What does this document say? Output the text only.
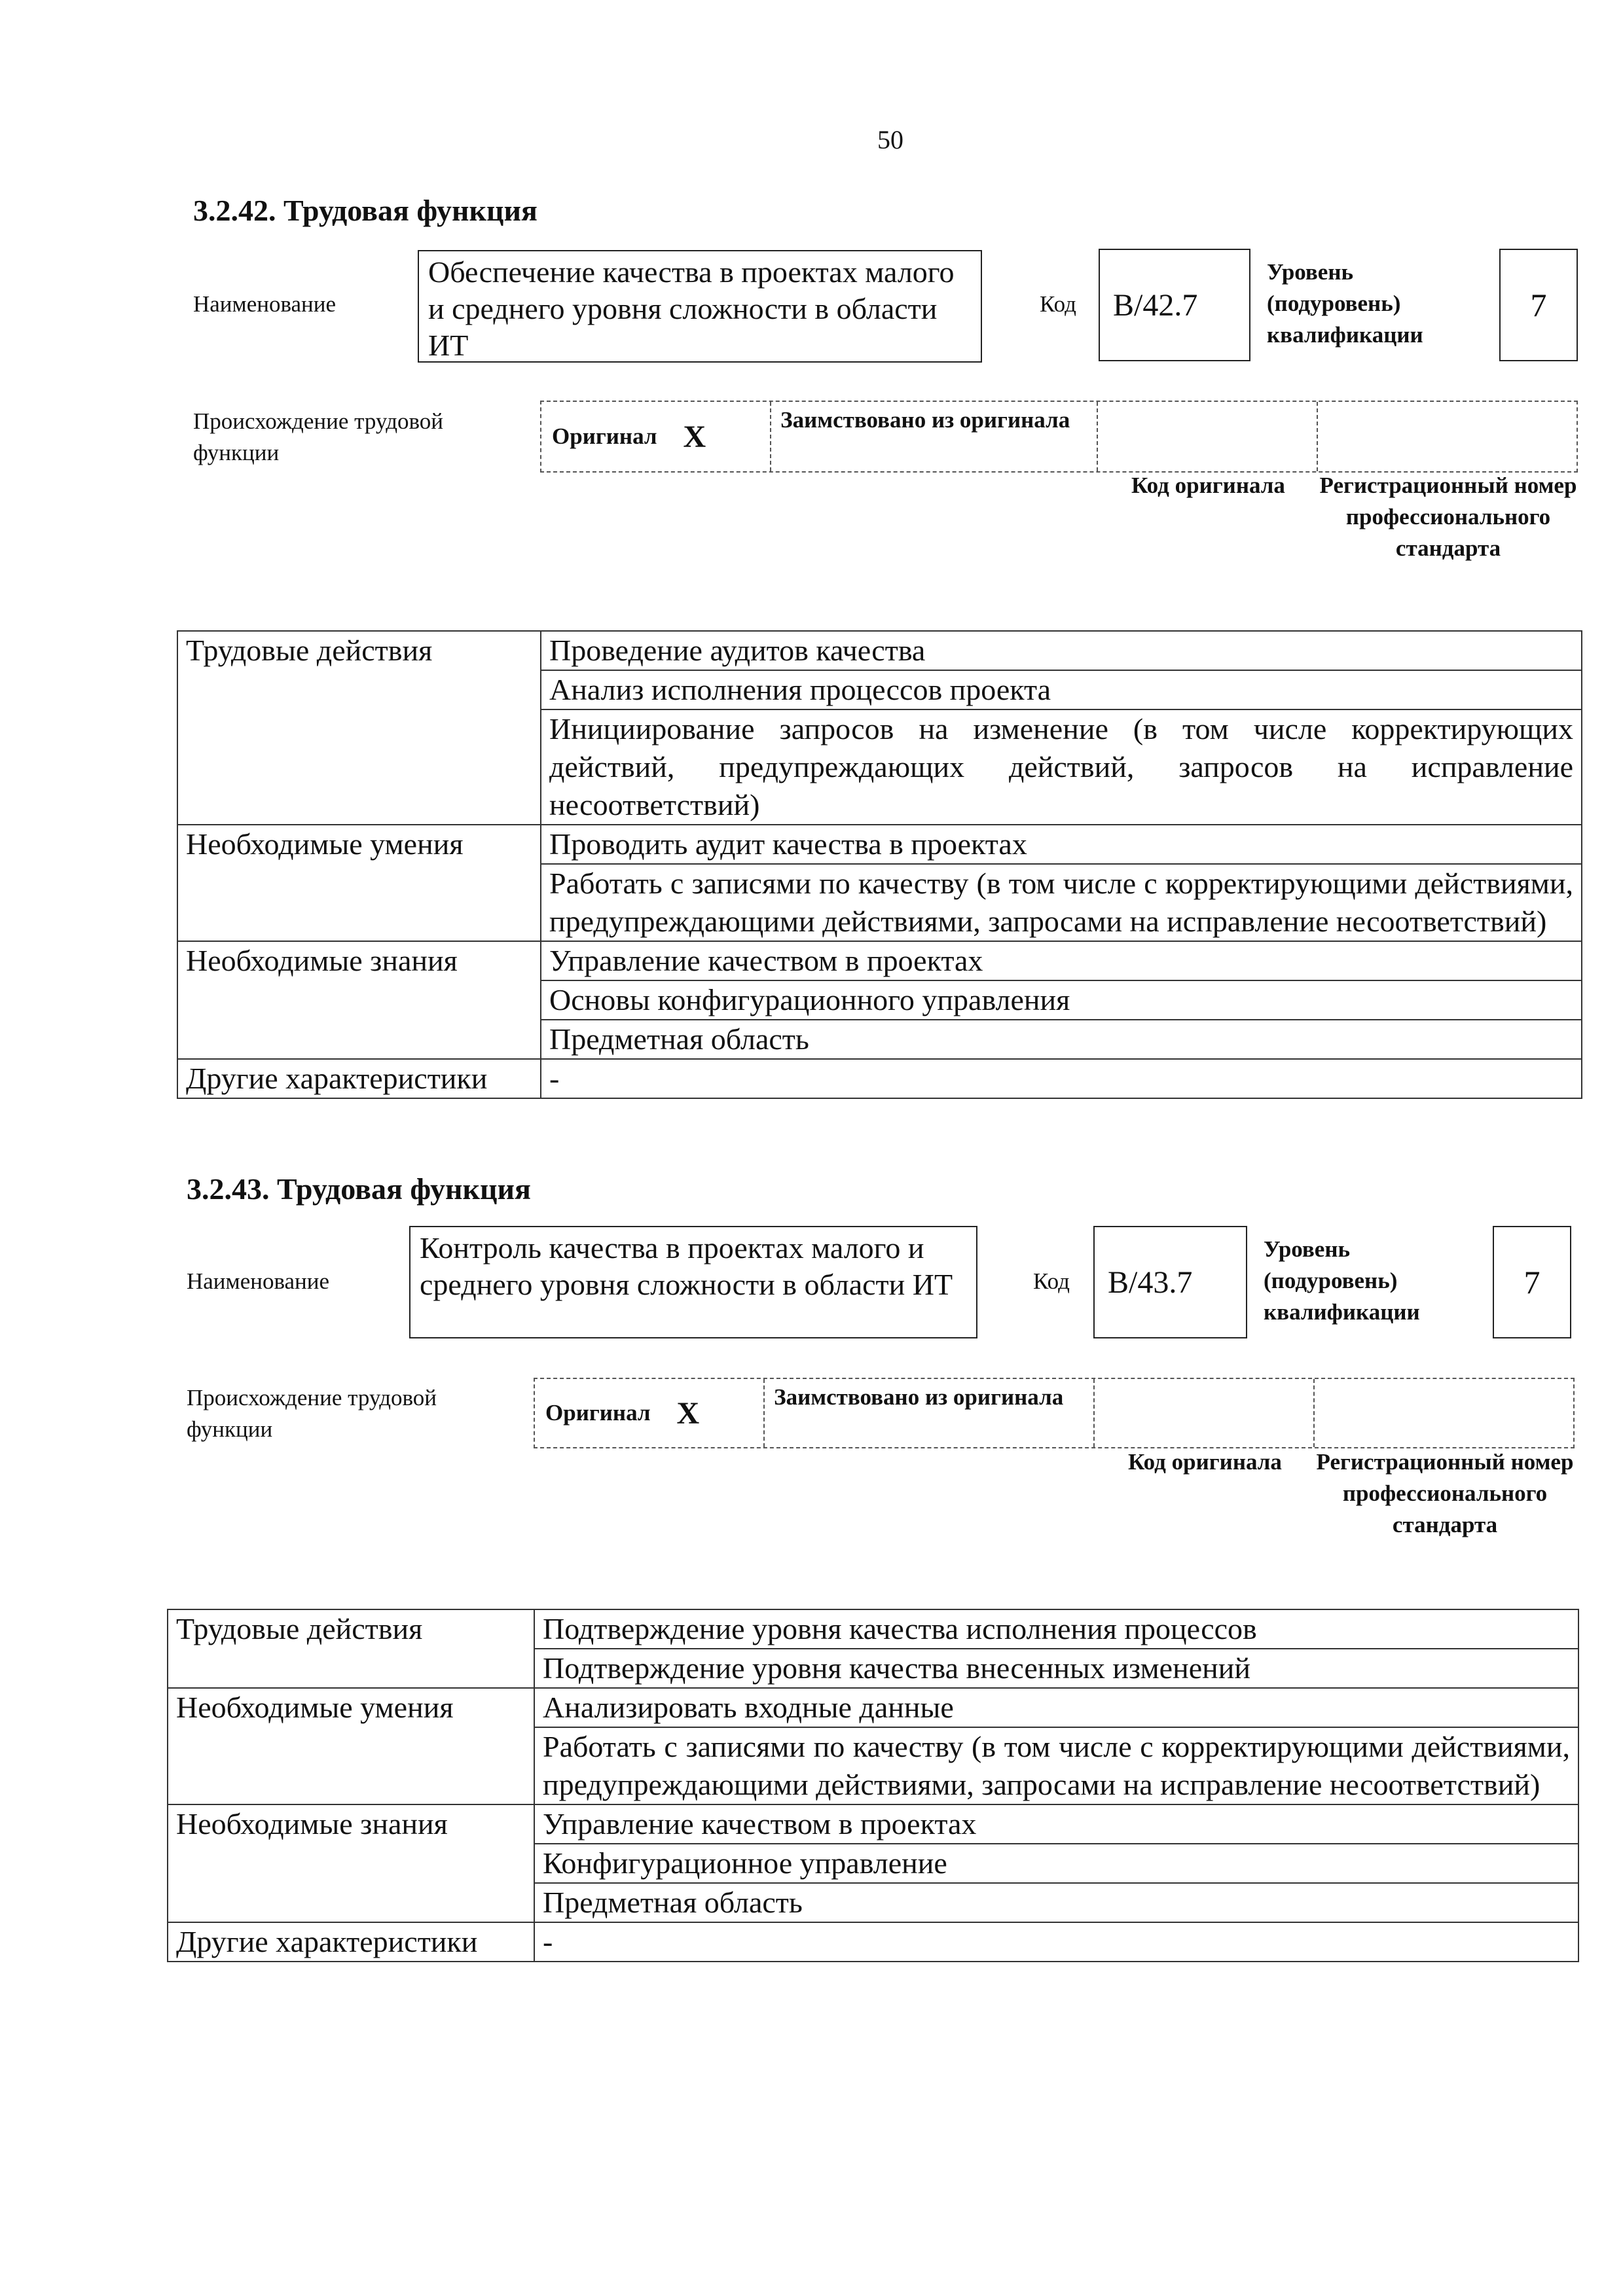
50
3.2.42. Трудовая функция
Наименование
Обеспечение качества в проектах малого и среднего уровня сложности в области ИТ
Код	В/42.7
Уровень (подуровень) квалификации
7
Происхождение трудовой функции
Оригинал X	Заимствовано из оригинала
Код оригинала	Регистрационный номер профессионального стандарта
Трудовые действия	Проведение аудитов качества
	Анализ исполнения процессов проекта
	Инициирование запросов на изменение (в том числе корректирующих действий, предупреждающих действий, запросов на исправление несоответствий)
Необходимые умения	Проводить аудит качества в проектах
	Работать с записями по качеству (в том числе с корректирующими действиями, предупреждающими действиями, запросами на исправление несоответствий)
Необходимые знания	Управление качеством в проектах
	Основы конфигурационного управления
	Предметная область
Другие характеристики	-
3.2.43. Трудовая функция
Наименование
Контроль качества в проектах малого и среднего уровня сложности в области ИТ	Код	В/43.7
Уровень (подуровень) квалификации
7
Происхождение трудовой функции
Оригинал X	Заимствовано из оригинала
Код оригинала	Регистрационный номер профессионального стандарта
Трудовые действия	Подтверждение уровня качества исполнения процессов
	Подтверждение уровня качества внесенных изменений
Необходимые умения	Анализировать входные данные
	Работать с записями по качеству (в том числе с корректирующими действиями, предупреждающими действиями, запросами на исправление несоответствий)
Необходимые знания	Управление качеством в проектах
	Конфигурационное управление
	Предметная область
Другие характеристики	-
